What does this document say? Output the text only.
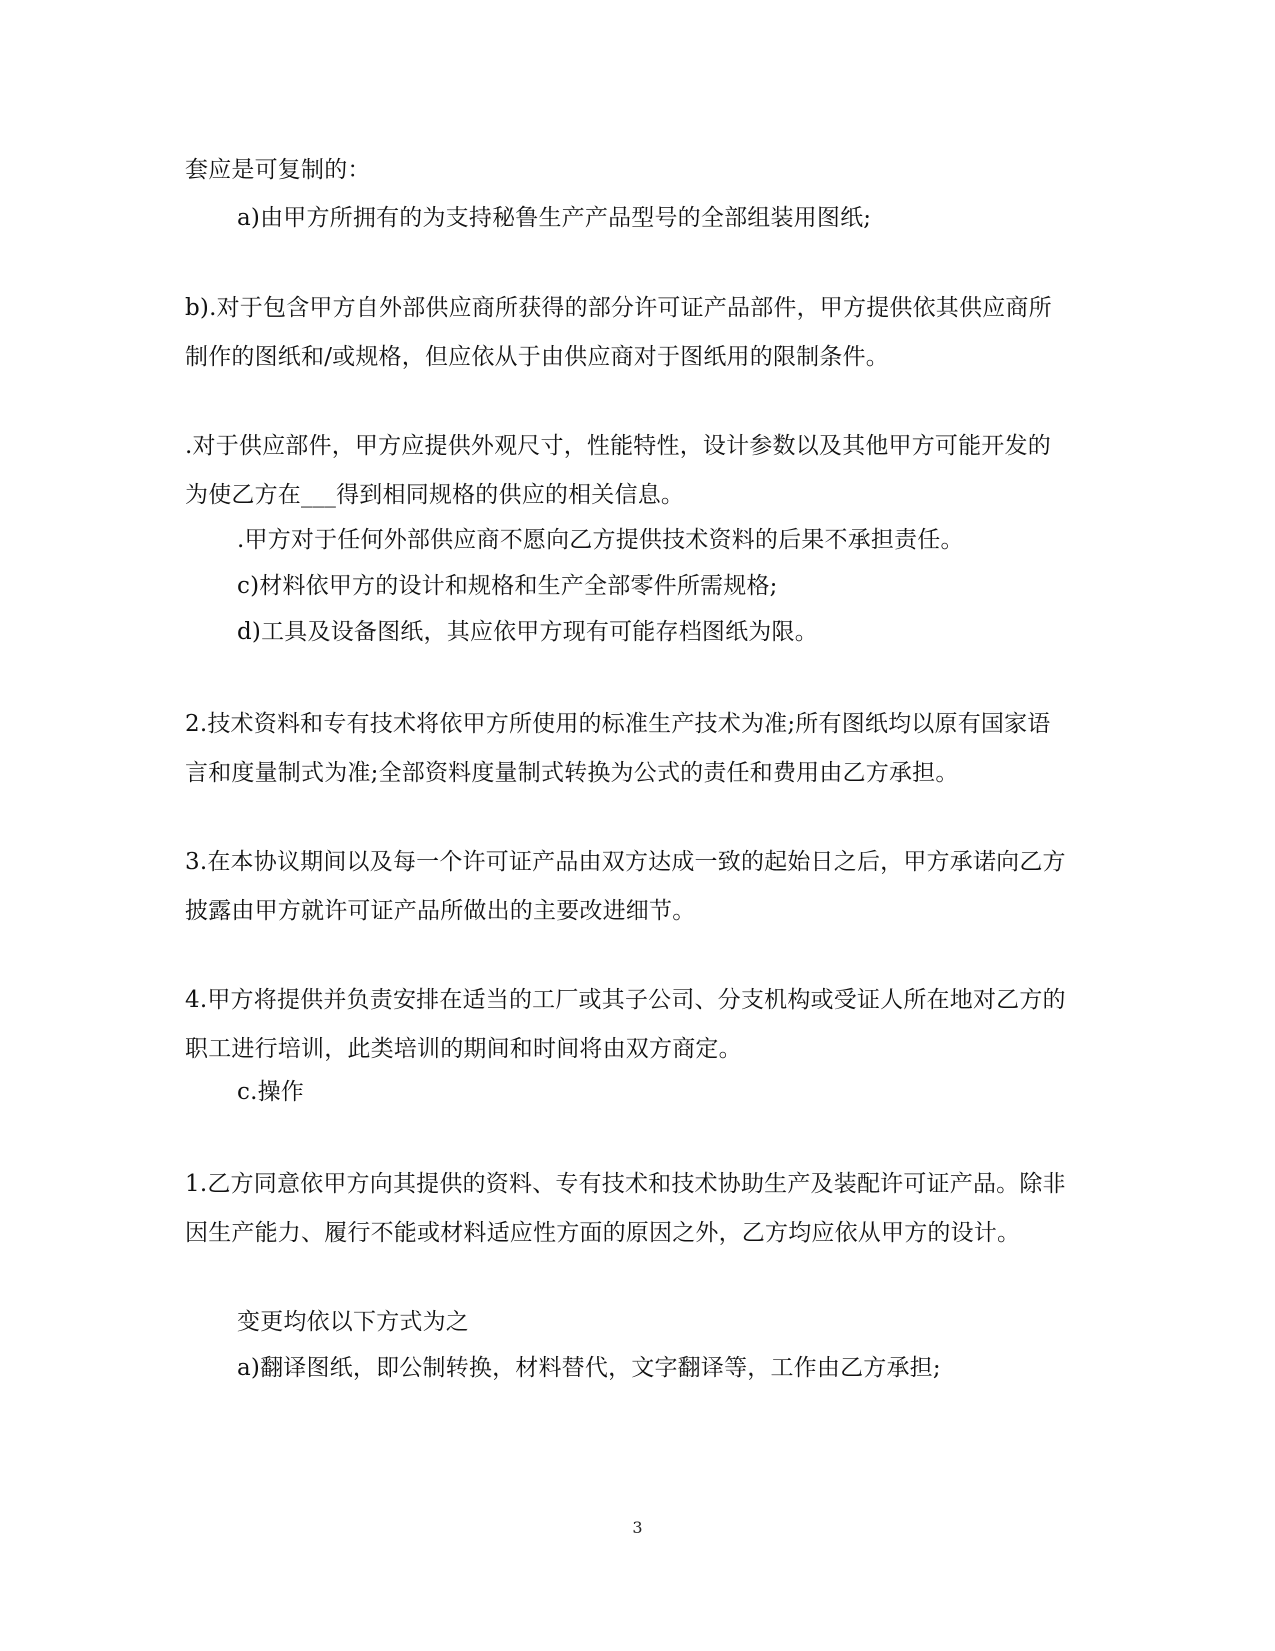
套应是可复制的：

a)由甲方所拥有的为支持秘鲁生产产品型号的全部组装用图纸;

b).对于包含甲方自外部供应商所获得的部分许可证产品部件，甲方提供依其供应商所制作的图纸和/或规格，但应依从于由供应商对于图纸用的限制条件。

.对于供应部件，甲方应提供外观尺寸，性能特性，设计参数以及其他甲方可能开发的为使乙方在___得到相同规格的供应的相关信息。

.甲方对于任何外部供应商不愿向乙方提供技术资料的后果不承担责任。

c)材料依甲方的设计和规格和生产全部零件所需规格;

d)工具及设备图纸，其应依甲方现有可能存档图纸为限。

2.技术资料和专有技术将依甲方所使用的标准生产技术为准;所有图纸均以原有国家语言和度量制式为准;全部资料度量制式转换为公式的责任和费用由乙方承担。

3.在本协议期间以及每一个许可证产品由双方达成一致的起始日之后，甲方承诺向乙方披露由甲方就许可证产品所做出的主要改进细节。

4.甲方将提供并负责安排在适当的工厂或其子公司、分支机构或受证人所在地对乙方的职工进行培训，此类培训的期间和时间将由双方商定。

c.操作

1.乙方同意依甲方向其提供的资料、专有技术和技术协助生产及装配许可证产品。除非因生产能力、履行不能或材料适应性方面的原因之外，乙方均应依从甲方的设计。

变更均依以下方式为之

a)翻译图纸，即公制转换，材料替代，文字翻译等，工作由乙方承担;

3
